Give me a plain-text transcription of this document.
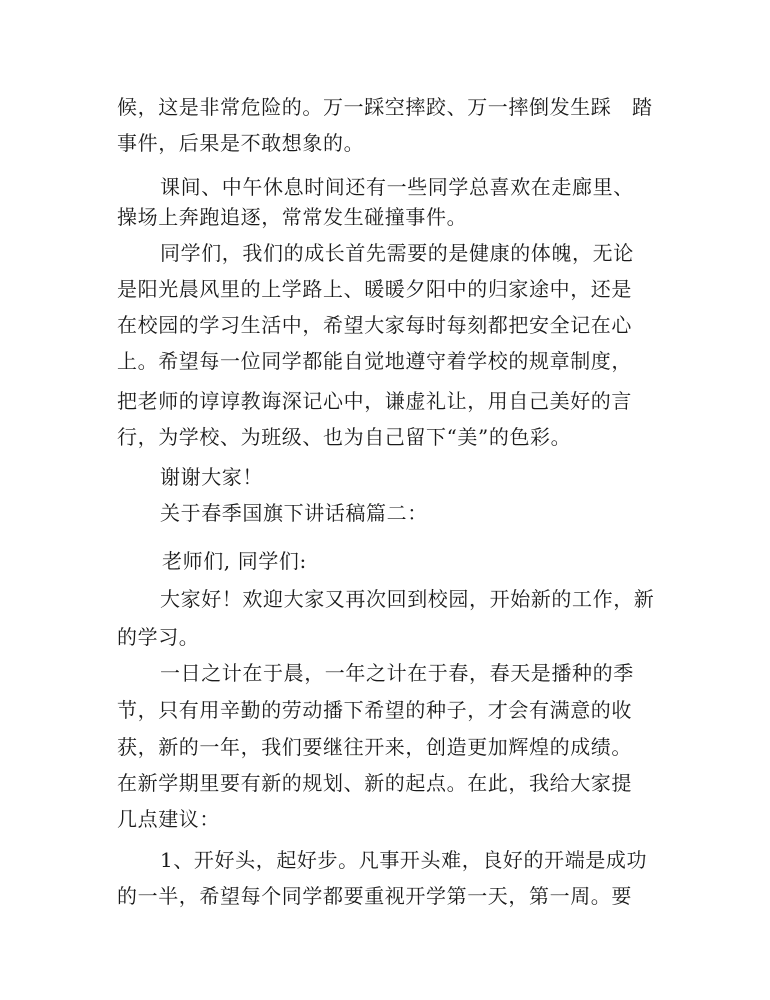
候，这是非常危险的。万一踩空摔跤、万一摔倒发生踩　踏
事件，后果是不敢想象的。
课间、中午休息时间还有一些同学总喜欢在走廊里、
操场上奔跑追逐，常常发生碰撞事件。
同学们，我们的成长首先需要的是健康的体魄，无论
是阳光晨风里的上学路上、暖暖夕阳中的归家途中，还是
在校园的学习生活中，希望大家每时每刻都把安全记在心
上。希望每一位同学都能自觉地遵守着学校的规章制度，
把老师的谆谆教诲深记心中，谦虚礼让，用自己美好的言
行，为学校、为班级、也为自己留下“美”的色彩。
谢谢大家！
关于春季国旗下讲话稿篇二：
老师们, 同学们:
大家好！欢迎大家又再次回到校园，开始新的工作，新
的学习。
一日之计在于晨，一年之计在于春，春天是播种的季
节，只有用辛勤的劳动播下希望的种子，才会有满意的收
获，新的一年，我们要继往开来，创造更加辉煌的成绩。
在新学期里要有新的规划、新的起点。在此，我给大家提
几点建议：
1、开好头，起好步。凡事开头难，良好的开端是成功
的一半，希望每个同学都要重视开学第一天，第一周。要
